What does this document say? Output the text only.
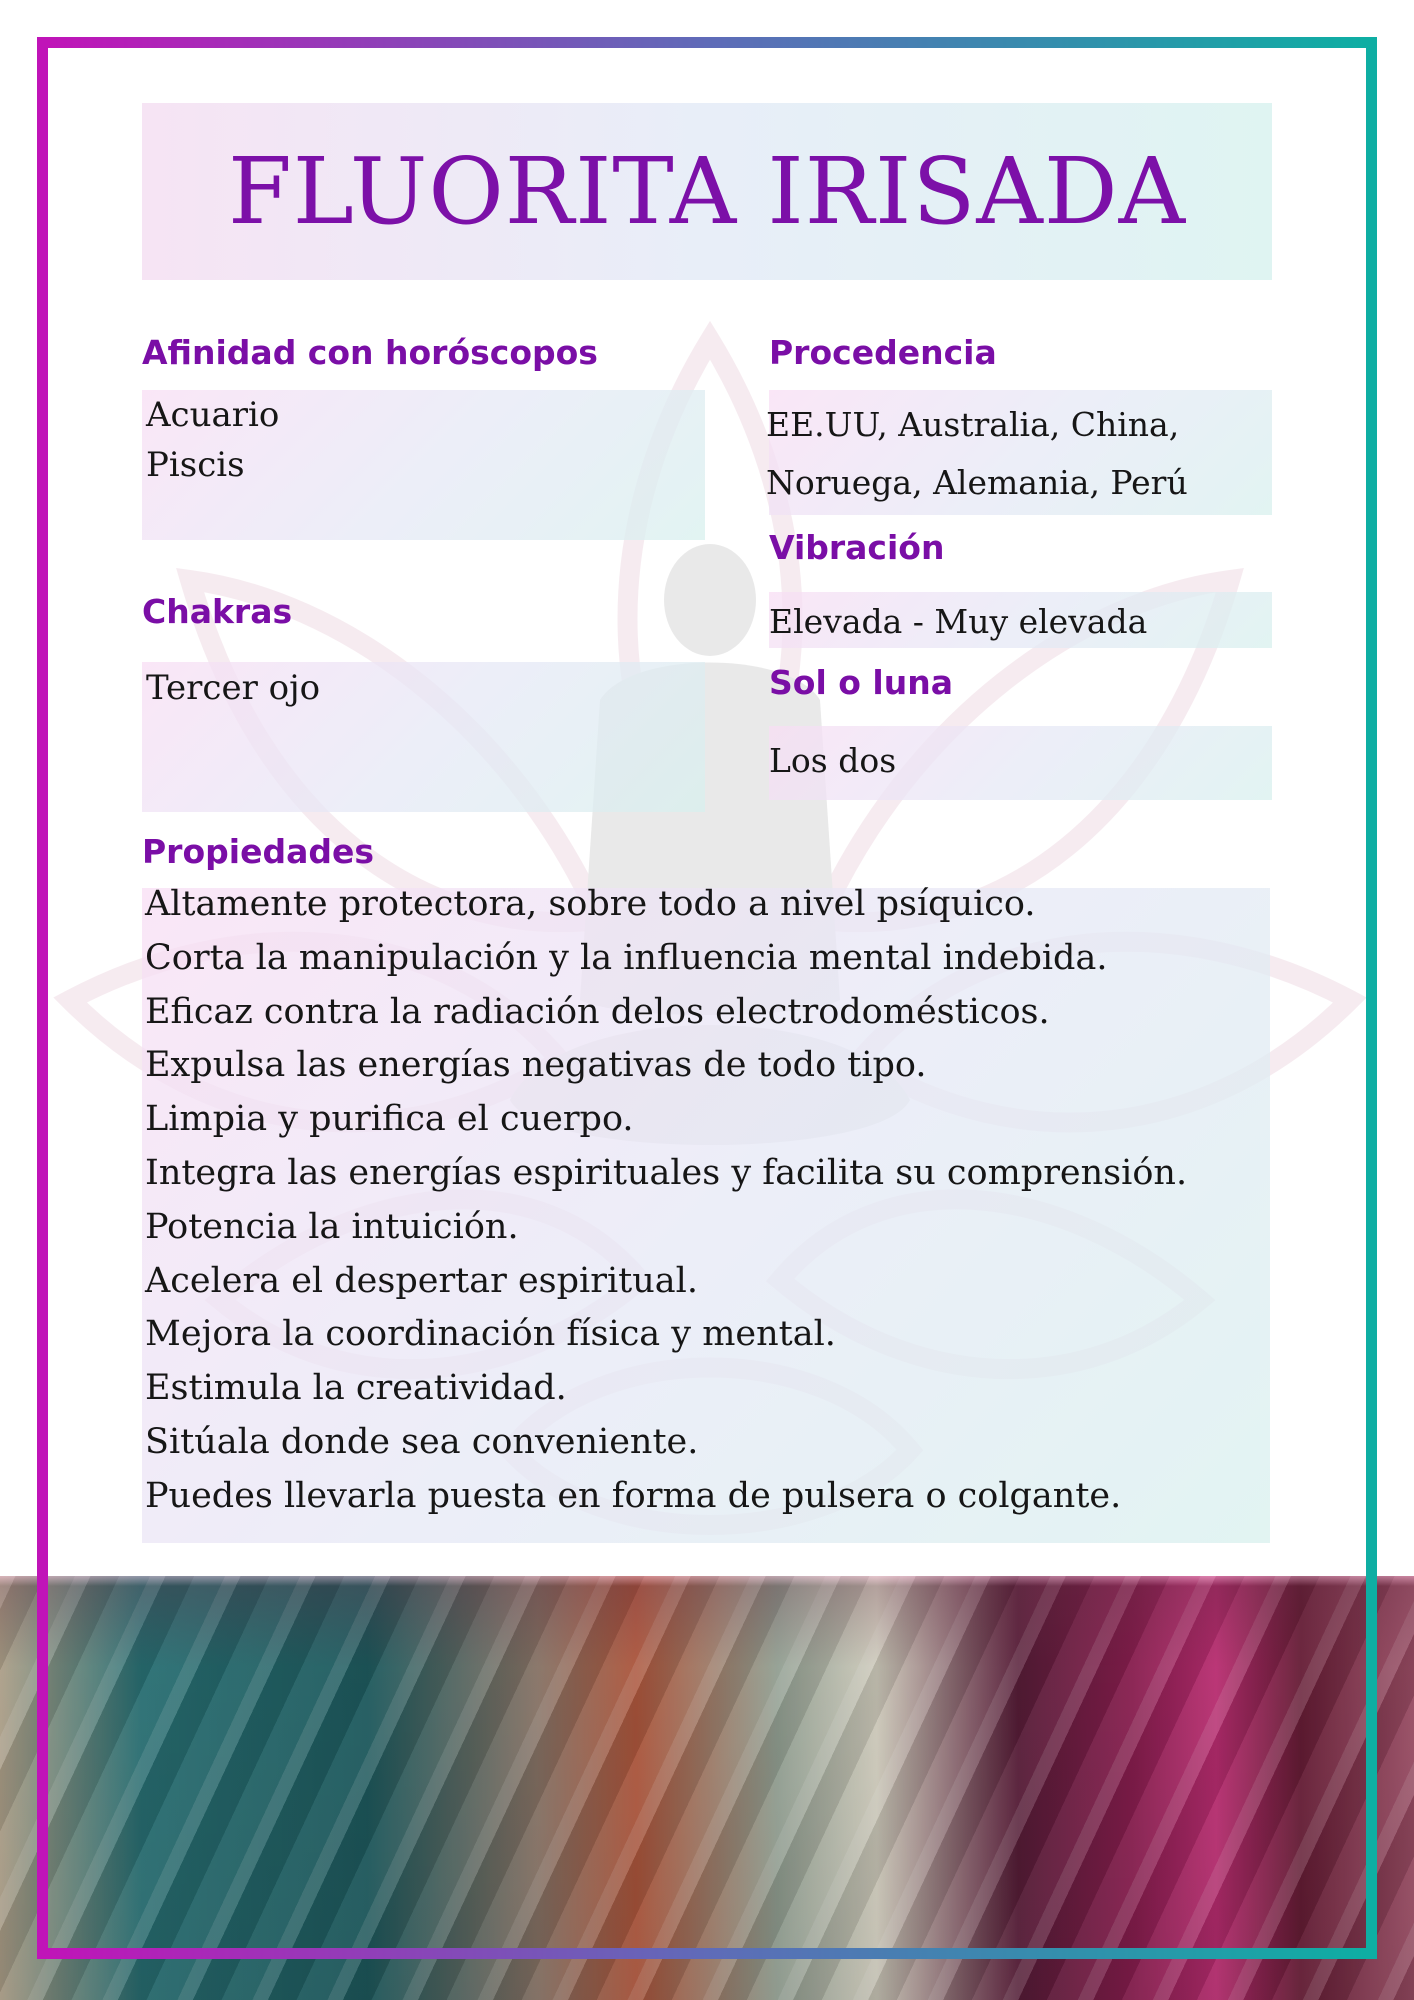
FLUORITA IRISADA
Afinidad con horóscopos
Acuario
Piscis
Procedencia
EE.UU, Australia, China,
Noruega, Alemania, Perú
Vibración
Elevada - Muy elevada
Chakras
Tercer ojo	Sol o luna
Los dos
Propiedades
Altamente protectora, sobre todo a nivel psíquico.
Corta la manipulación y la influencia mental indebida.
Eficaz contra la radiación delos electrodomésticos.
Expulsa las energías negativas de todo tipo.
Limpia y purifica el cuerpo.
Integra las energías espirituales y facilita su comprensión.
Potencia la intuición.
Acelera el despertar espiritual.
Mejora la coordinación física y mental.
Estimula la creatividad.
Sitúala donde sea conveniente.
Puedes llevarla puesta en forma de pulsera o colgante.
